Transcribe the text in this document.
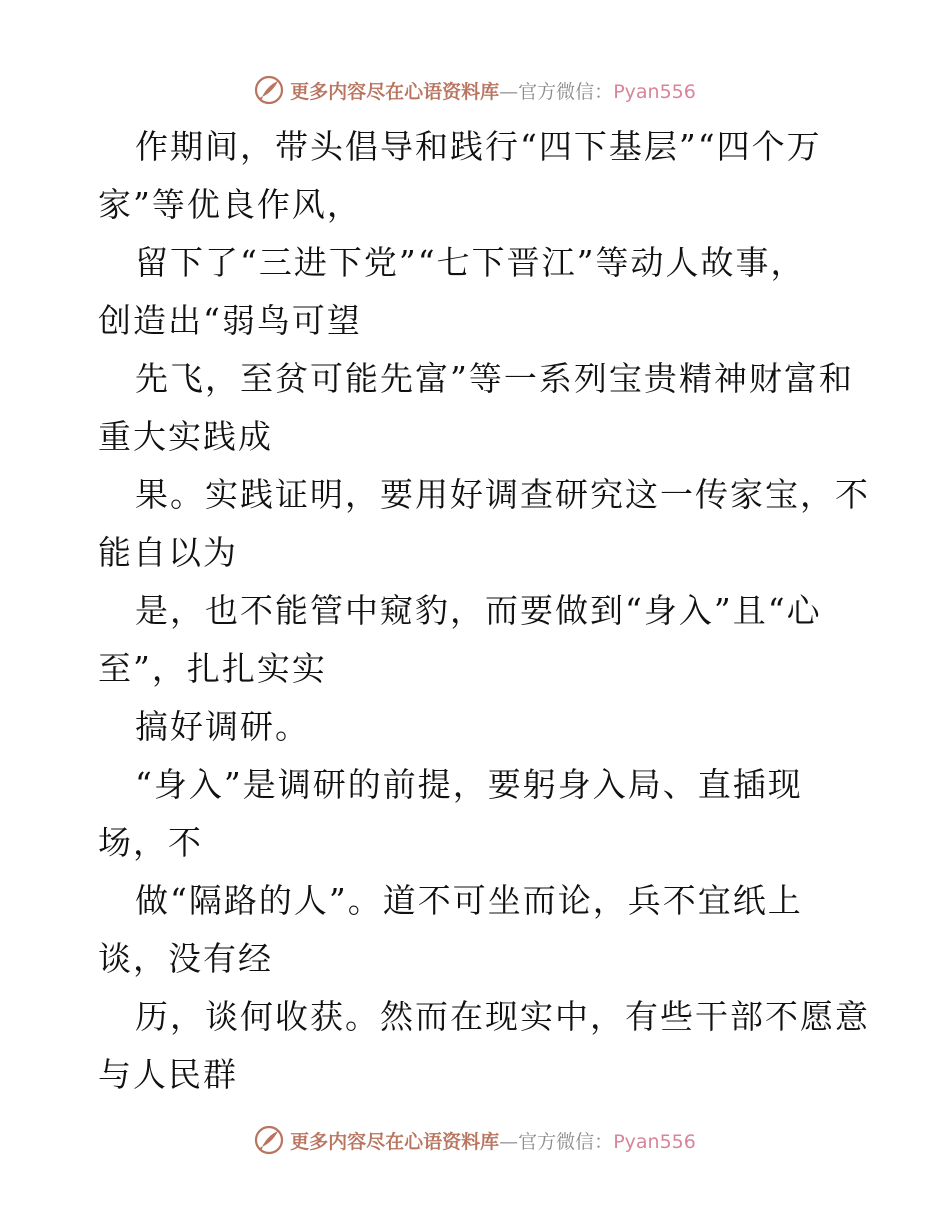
更多内容尽在心语资料库—官方微信：Pyan556
作期间，带头倡导和践行“四下基层”“四个万
家”等优良作风，
留下了“三进下党”“七下晋江”等动人故事，
创造出“弱鸟可望
先飞，至贫可能先富”等一系列宝贵精神财富和
重大实践成
果。实践证明，要用好调查研究这一传家宝，不
能自以为
是，也不能管中窥豹，而要做到“身入”且“心
至”，扎扎实实
搞好调研。
“身入”是调研的前提，要躬身入局、直插现
场，不
做“隔路的人”。道不可坐而论，兵不宜纸上
谈，没有经
历，谈何收获。然而在现实中，有些干部不愿意
与人民群
更多内容尽在心语资料库—官方微信：Pyan556
